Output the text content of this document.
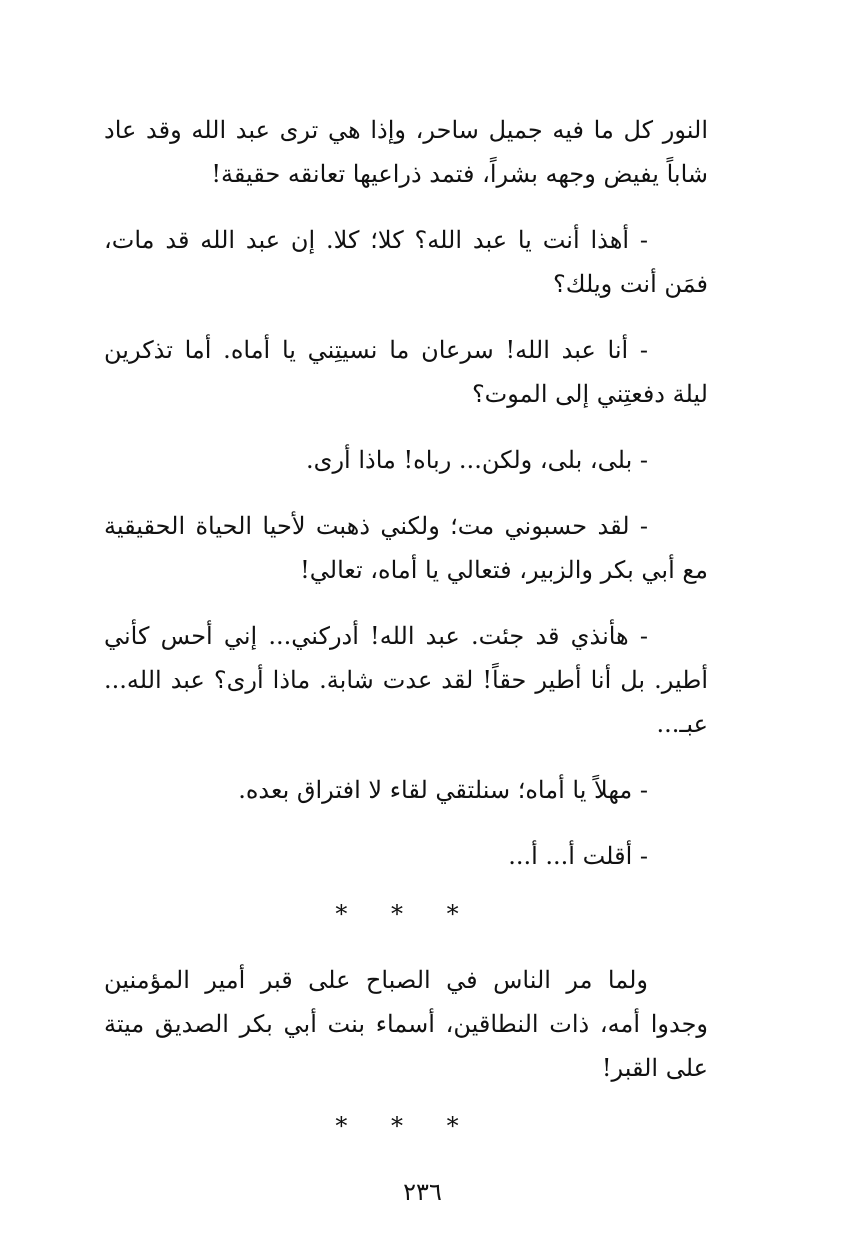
النور كل ما فيه جميل ساحر، وإذا هي ترى عبد الله وقد عاد شاباً يفيض وجهه بشراً، فتمد ذراعيها تعانقه حقيقة!

- أهذا أنت يا عبد الله؟ كلا؛ كلا. إن عبد الله قد مات، فمَن أنت ويلك؟

- أنا عبد الله! سرعان ما نسيتِني يا أماه. أما تذكرين ليلة دفعتِني إلى الموت؟

- بلى، بلى، ولكن... رباه! ماذا أرى.

- لقد حسبوني مت؛ ولكني ذهبت لأحيا الحياة الحقيقية مع أبي بكر والزبير، فتعالي يا أماه، تعالي!

- هأنذي قد جئت. عبد الله! أدركني... إني أحس كأني أطير. بل أنا أطير حقاً! لقد عدت شابة. ماذا أرى؟ عبد الله... عبـ...

- مهلاً يا أماه؛ سنلتقي لقاء لا افتراق بعده.

- أقلت أ... أ...

* * *

ولما مر الناس في الصباح على قبر أمير المؤمنين وجدوا أمه، ذات النطاقين، أسماء بنت أبي بكر الصديق ميتة على القبر!

* * *
٢٣٦
